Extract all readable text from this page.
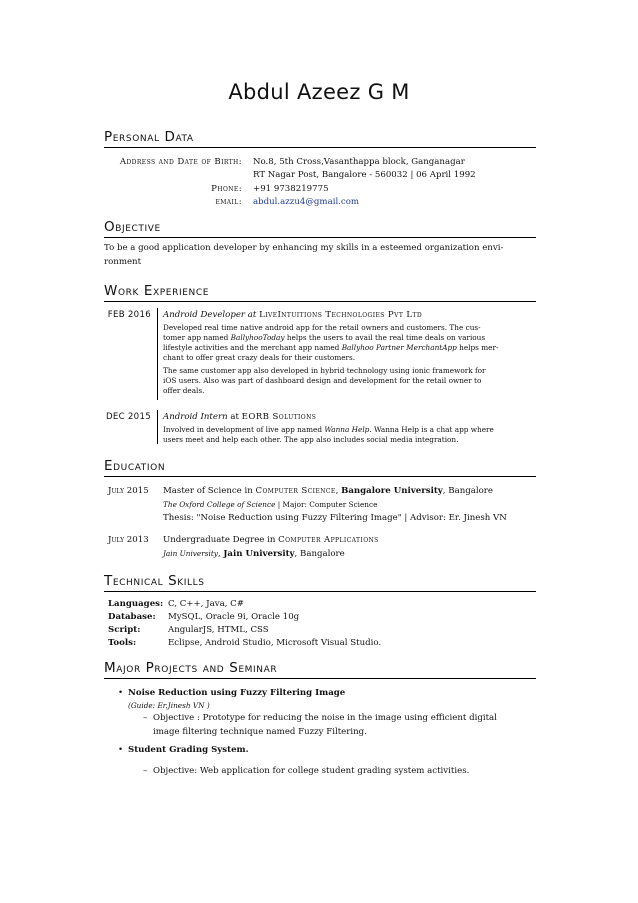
Abdul Azeez G M
Personal Data
Address and Date of Birth: No.8, 5th Cross,Vasanthappa block, Ganganagar
RT Nagar Post, Bangalore - 560032 | 06 April 1992
Phone: +91 9738219775
email: abdul.azzu4@gmail.com
Objective
To be a good application developer by enhancing my skills in a esteemed organization envi-
ronment
Work Experience
FEB 2016 Android Developer at LiveIntuitions Technologies Pvt Ltd
Developed real time native android app for the retail owners and customers. The cus-
tomer app named BallyhooToday helps the users to avail the real time deals on various
lifestyle activities and the merchant app named Ballyhoo Partner MerchantApp helps mer-
chant to offer great crazy deals for their customers.
The same customer app also developed in hybrid technology using ionic framework for
iOS users. Also was part of dashboard design and development for the retail owner to
offer deals.
DEC 2015 Android Intern at EORB Solutions
Involved in development of live app named Wanna Help. Wanna Help is a chat app where
users meet and help each other. The app also includes social media integration.
Education
July 2015 Master of Science in Computer Science, Bangalore University, Bangalore
The Oxford College of Science | Major: Computer Science
Thesis: "Noise Reduction using Fuzzy Filtering Image" | Advisor: Er. Jinesh VN
July 2013 Undergraduate Degree in Computer Applications
Jain University, Jain University, Bangalore
Technical Skills
Languages: C, C++, Java, C#
Database: MySQL, Oracle 9i, Oracle 10g
Script:	AngularJS, HTML, CSS
Tools:	Eclipse, Android Studio, Microsoft Visual Studio.
Major Projects and Seminar
• Noise Reduction using Fuzzy Filtering Image
(Guide: Er.Jinesh VN )
– Objective : Prototype for reducing the noise in the image using efficient digital
image filtering technique named Fuzzy Filtering.
• Student Grading System.
– Objective: Web application for college student grading system activities.
